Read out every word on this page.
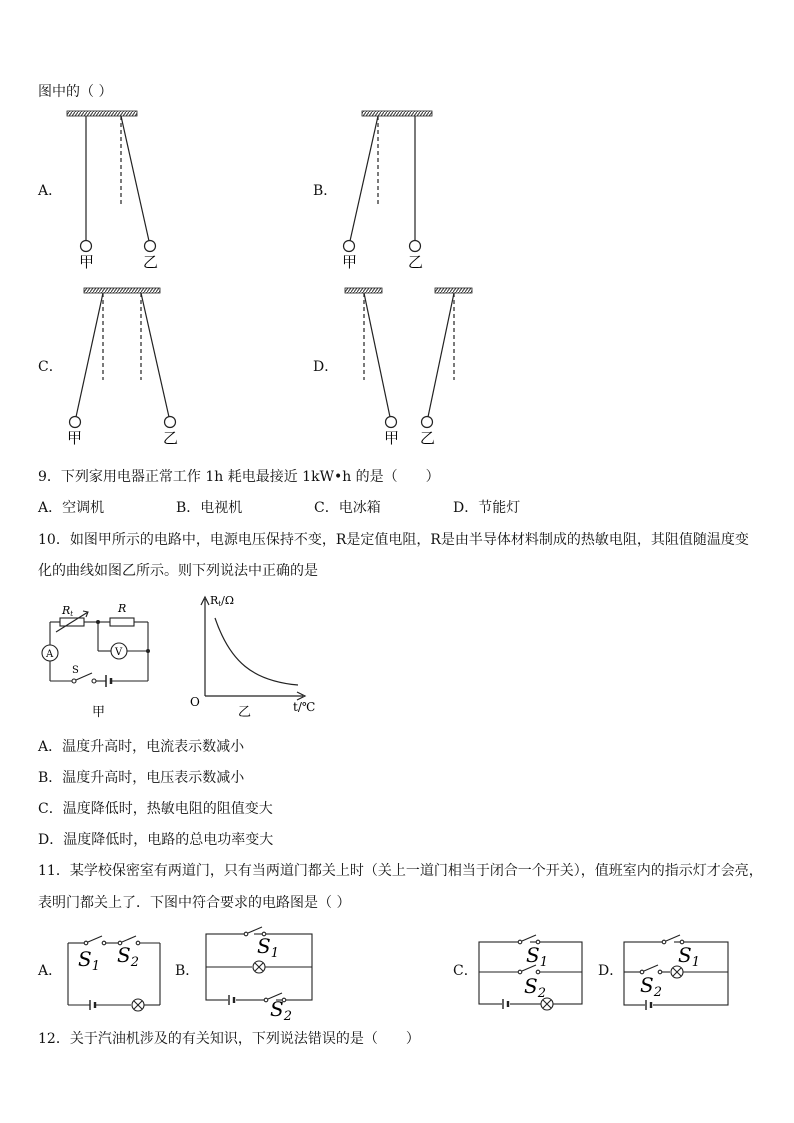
图中的（ ）
A．	B．
C．	D．
甲	乙	甲	乙
甲	乙	甲 乙
9．下列家用电器正常工作 1h 耗电最接近 1kW•h 的是（　　）
A．空调机	B．电视机	C．电冰箱	D．节能灯
10．如图甲所示的电路中，电源电压保持不变，R是定值电阻，R是由半导体材料制成的热敏电阻，其阻值随温度变
化的曲线如图乙所示。则下列说法中正确的是
Rt	R
A	V
S
甲
Rt/Ω
O	t/℃
乙
A．温度升高时，电流表示数减小
B．温度升高时，电压表示数减小
C．温度降低时，热敏电阻的阻值变大
D．温度降低时，电路的总电功率变大
11．某学校保密室有两道门，只有当两道门都关上时（关上一道门相当于闭合一个开关），值班室内的指示灯才会亮，
表明门都关上了．下图中符合要求的电路图是（ ）
A．	B．	C．	D．
$S_1$ $S_2$
$S_1$
$S_2$
$S_1$
$S_2$
$S_1$
$S_2$
12．关于汽油机涉及的有关知识，下列说法错误的是（　　）
